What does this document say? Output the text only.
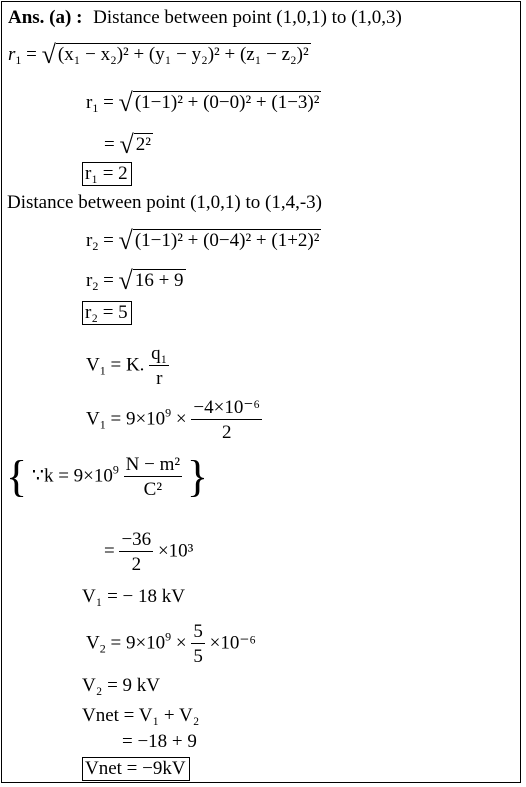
Ans. (a) : Distance between point (1,0,1) to (1,0,3)
$r_1$ = √ (x₁ − x₂)² + (y₁ − y₂)² + (z₁ − z₂)²
$r_1$ = √ (1−1)² + (0−0)² + (1−3)²
= √ 2²
r₁ = 2
Distance between point (1,0,1) to (1,4,-3)
$r_2$ = √ (1−1)² + (0−4)² + (1+2)²
$r_2$ = √ 16 + 9
r₂ = 5
$V_1 = K$. $\frac{\text{q₁}}{r}$
$V_1 = 9\times 10^9 \times \frac{\text{−4×10⁻⁶}}{2}$
{ ∵k = $9\times 10^9 \frac{\text{N − m²}}{\text{C²}}$ }
= $\frac{-36}{2} \times 10^3$
V₁ = − 18 kV
$V_2 = 9\times 10^9 \times \frac{5}{5} \times 10^{-6}$
V₂ = 9 kV
Vnet = V₁ + V₂
= −18 + 9
Vnet = −9kV
